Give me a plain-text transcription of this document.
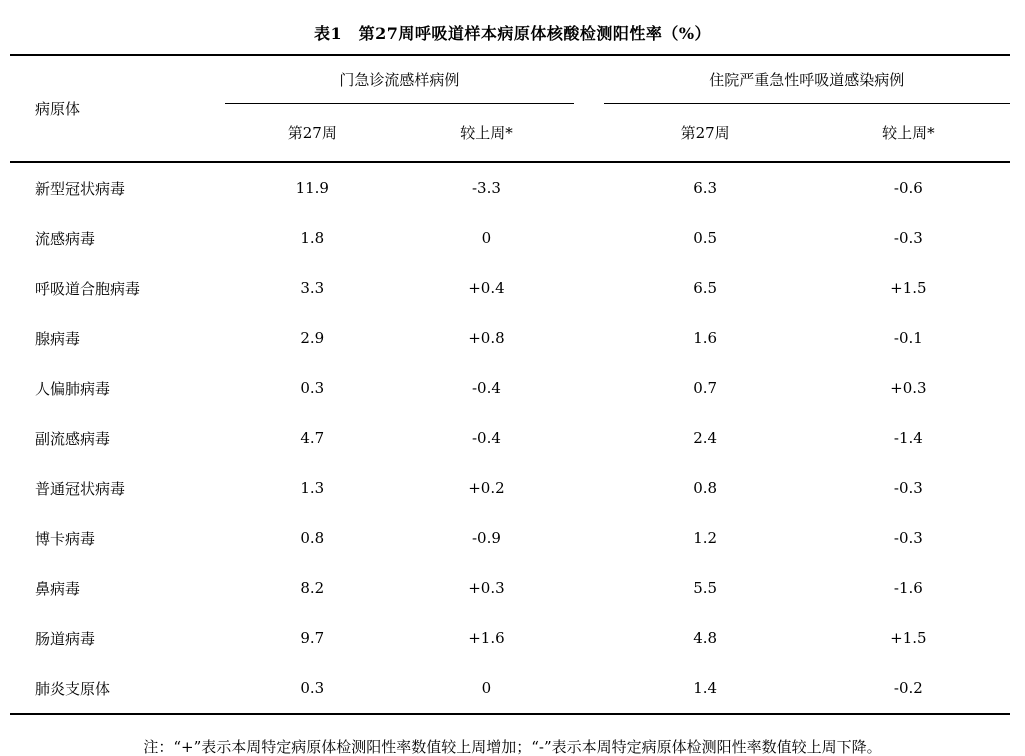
表1　第27周呼吸道样本病原体核酸检测阳性率（%）
病原体	门急诊流感样病例			住院严重急性呼吸道感染病例	
	第27周	较上周*		第27周	较上周*
新型冠状病毒	11.9	-3.3		6.3	-0.6
流感病毒	1.8	0		0.5	-0.3
呼吸道合胞病毒	3.3	+0.4		6.5	+1.5
腺病毒	2.9	+0.8		1.6	-0.1
人偏肺病毒	0.3	-0.4		0.7	+0.3
副流感病毒	4.7	-0.4		2.4	-1.4
普通冠状病毒	1.3	+0.2		0.8	-0.3
博卡病毒	0.8	-0.9		1.2	-0.3
鼻病毒	8.2	+0.3		5.5	-1.6
肠道病毒	9.7	+1.6		4.8	+1.5
肺炎支原体	0.3	0		1.4	-0.2
注：“+”表示本周特定病原体检测阳性率数值较上周增加；“-”表示本周特定病原体检测阳性率数值较上周下降。
